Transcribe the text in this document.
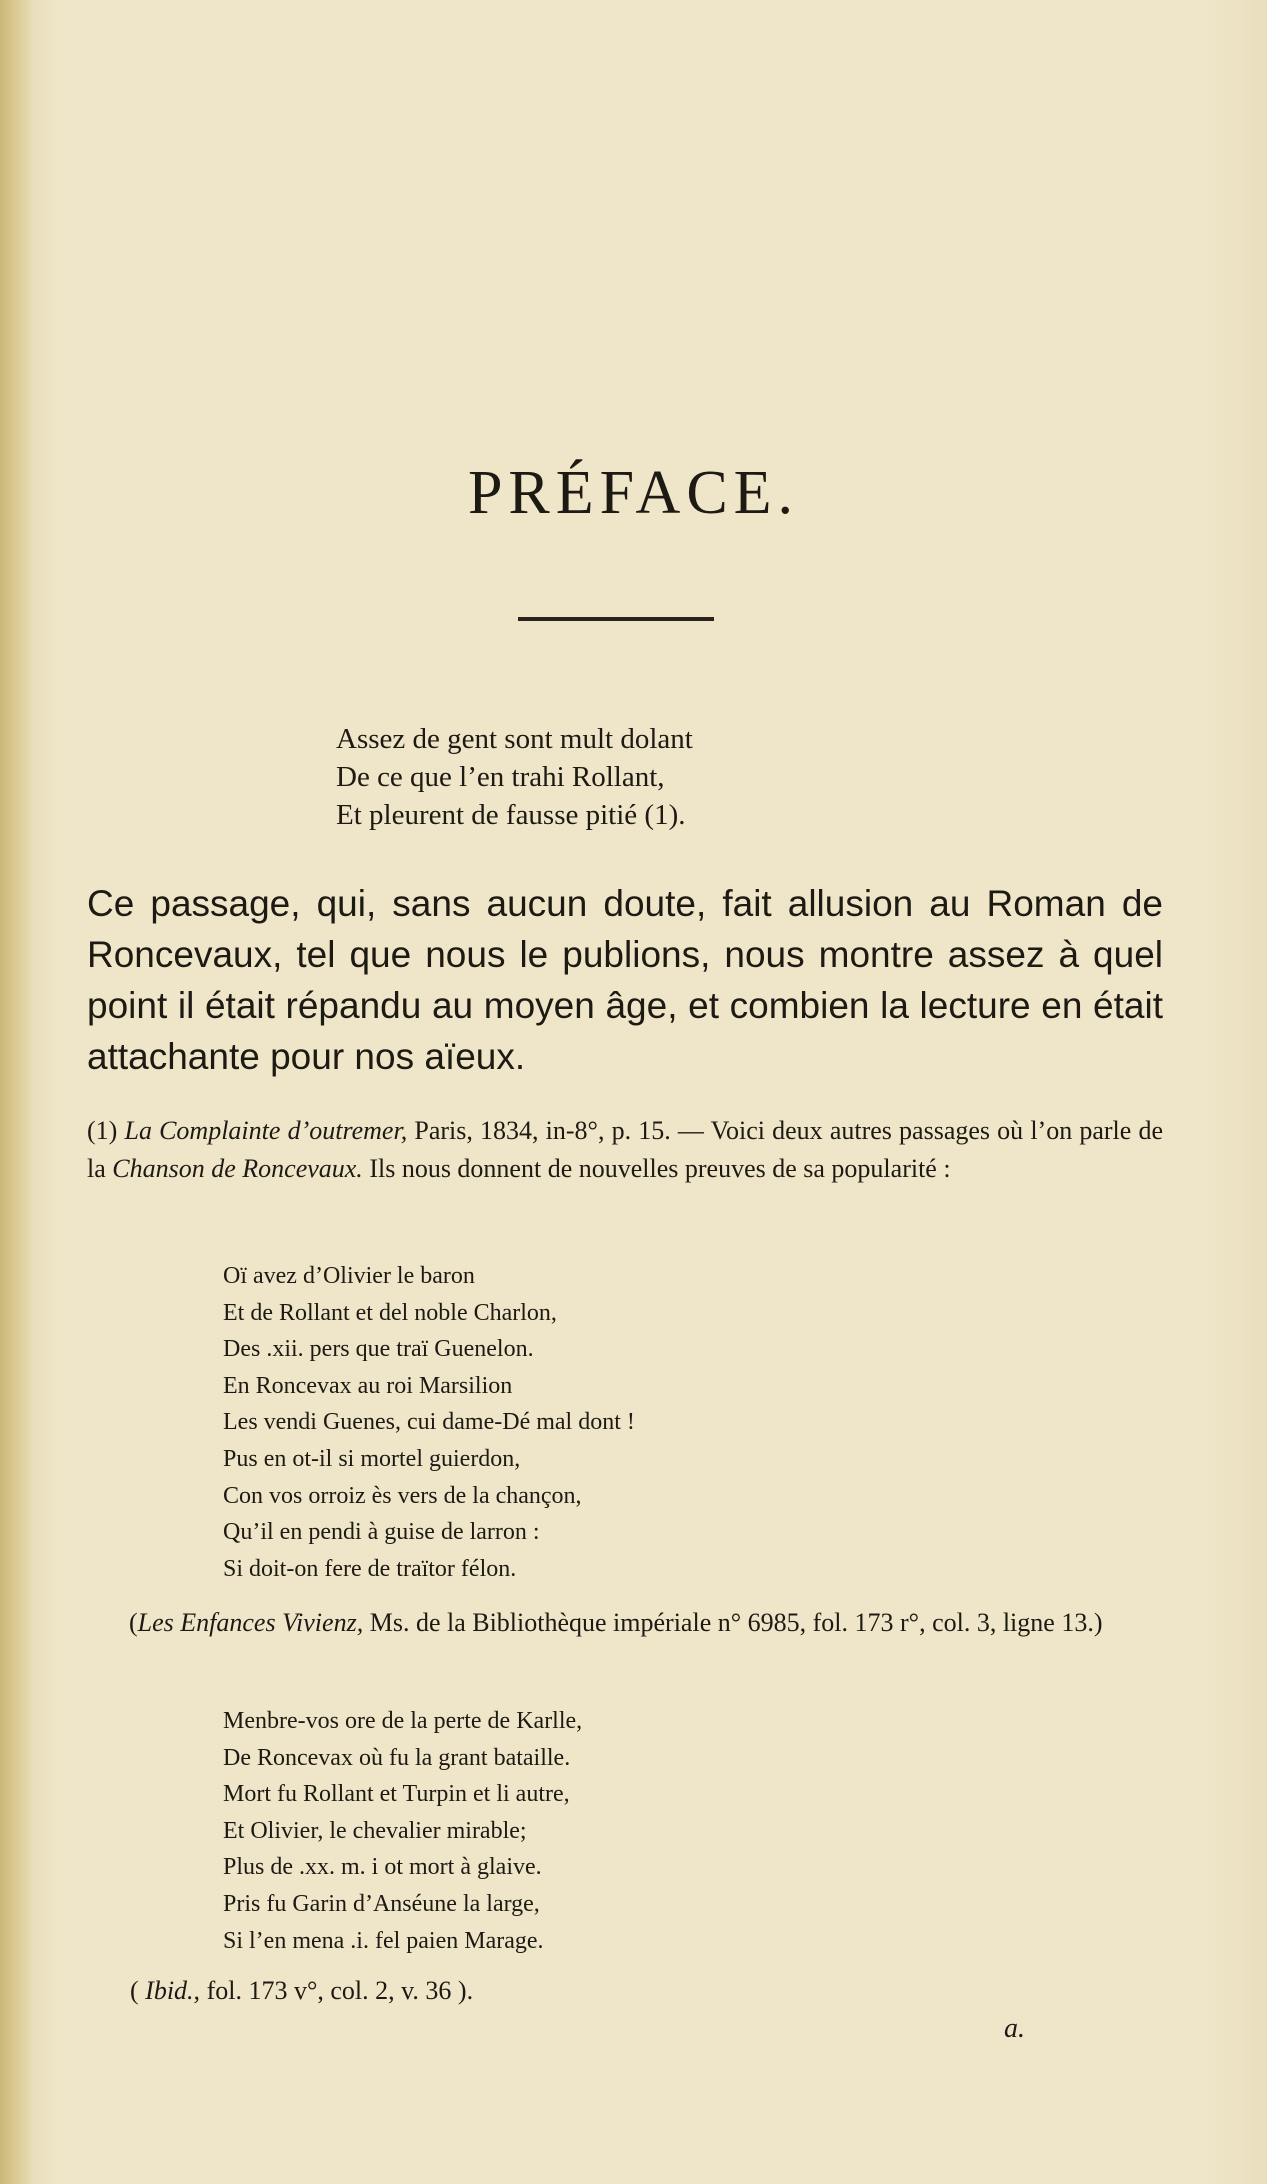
PRÉFACE.
Assez de gent sont mult dolant
De ce que l’en trahi Rollant,
Et pleurent de fausse pitié (1).
Ce passage, qui, sans aucun doute, fait allusion au Roman de Roncevaux, tel que nous le publions, nous montre assez à quel point il était répandu au moyen âge, et combien la lecture en était attachante pour nos aïeux.
(1) La Complainte d’outremer, Paris, 1834, in-8°, p. 15. — Voici deux autres passages où l’on parle de la Chanson de Roncevaux. Ils nous donnent de nouvelles preuves de sa popularité :
Oï avez d’Olivier le baron
Et de Rollant et del noble Charlon,
Des .xii. pers que traï Guenelon.
En Roncevax au roi Marsilion
Les vendi Guenes, cui dame-Dé mal dont !
Pus en ot-il si mortel guierdon,
Con vos orroiz ès vers de la chançon,
Qu’il en pendi à guise de larron :
Si doit-on fere de traïtor félon.
(Les Enfances Vivienz, Ms. de la Bibliothèque impériale n° 6985, fol. 173 r°, col. 3, ligne 13.)
Menbre-vos ore de la perte de Karlle,
De Roncevax où fu la grant bataille.
Mort fu Rollant et Turpin et li autre,
Et Olivier, le chevalier mirable;
Plus de .xx. m. i ot mort à glaive.
Pris fu Garin d’Anséune la large,
Si l’en mena .i. fel paien Marage.
( Ibid., fol. 173 v°, col. 2, v. 36 ).
a.
